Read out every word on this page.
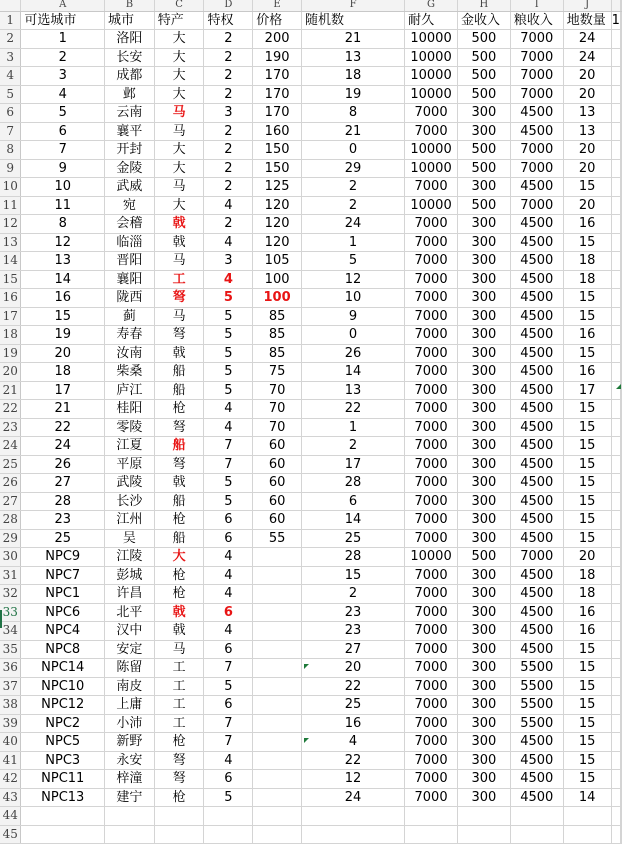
	A	B	C	D	E	F	G	H	I	J		
1	可选城市	城市	特产	特权	价格	随机数	耐久	金收入	粮收入	地数量	1	
2	1	洛阳	大	2	200	21	10000	500	7000	24		
3	2	长安	大	2	190	13	10000	500	7000	24		
4	3	成都	大	2	170	18	10000	500	7000	20		
5	4	邺	大	2	170	19	10000	500	7000	20		
6	5	云南	马	3	170	8	7000	300	4500	13		
7	6	襄平	马	2	160	21	7000	300	4500	13		
8	7	开封	大	2	150	0	10000	500	7000	20		
9	9	金陵	大	2	150	29	10000	500	7000	20		
10	10	武威	马	2	125	2	7000	300	4500	15		
11	11	宛	大	4	120	2	10000	500	7000	20		
12	8	会稽	戟	2	120	24	7000	300	4500	16		
13	12	临淄	戟	4	120	1	7000	300	4500	15		
14	13	晋阳	马	3	105	5	7000	300	4500	18		
15	14	襄阳	工	4	100	12	7000	300	4500	18		
16	16	陇西	弩	5	100	10	7000	300	4500	15		
17	15	蓟	马	5	85	9	7000	300	4500	15		
18	19	寿春	弩	5	85	0	7000	300	4500	16		
19	20	汝南	戟	5	85	26	7000	300	4500	15		
20	18	柴桑	船	5	75	14	7000	300	4500	16		
21	17	庐江	船	5	70	13	7000	300	4500	17		
22	21	桂阳	枪	4	70	22	7000	300	4500	15		
23	22	零陵	弩	4	70	1	7000	300	4500	15		
24	24	江夏	船	7	60	2	7000	300	4500	15		
25	26	平原	弩	7	60	17	7000	300	4500	15		
26	27	武陵	戟	5	60	28	7000	300	4500	15		
27	28	长沙	船	5	60	6	7000	300	4500	15		
28	23	江州	枪	6	60	14	7000	300	4500	15		
29	25	吴	船	6	55	25	7000	300	4500	15		
30	NPC9	江陵	大	4		28	10000	500	7000	20		
31	NPC7	彭城	枪	4		15	7000	300	4500	18		
32	NPC1	许昌	枪	4		2	7000	300	4500	18		
33	NPC6	北平	戟	6		23	7000	300	4500	16		
34	NPC4	汉中	戟	4		23	7000	300	4500	16		
35	NPC8	安定	马	6		27	7000	300	4500	15		
36	NPC14	陈留	工	7		20	7000	300	5500	15		
37	NPC10	南皮	工	5		22	7000	300	5500	15		
38	NPC12	上庸	工	6		25	7000	300	5500	15		
39	NPC2	小沛	工	7		16	7000	300	5500	15		
40	NPC5	新野	枪	7		4	7000	300	4500	15		
41	NPC3	永安	弩	4		22	7000	300	4500	15		
42	NPC11	梓潼	弩	6		12	7000	300	4500	15		
43	NPC13	建宁	枪	5		24	7000	300	4500	14		
44												
45												
